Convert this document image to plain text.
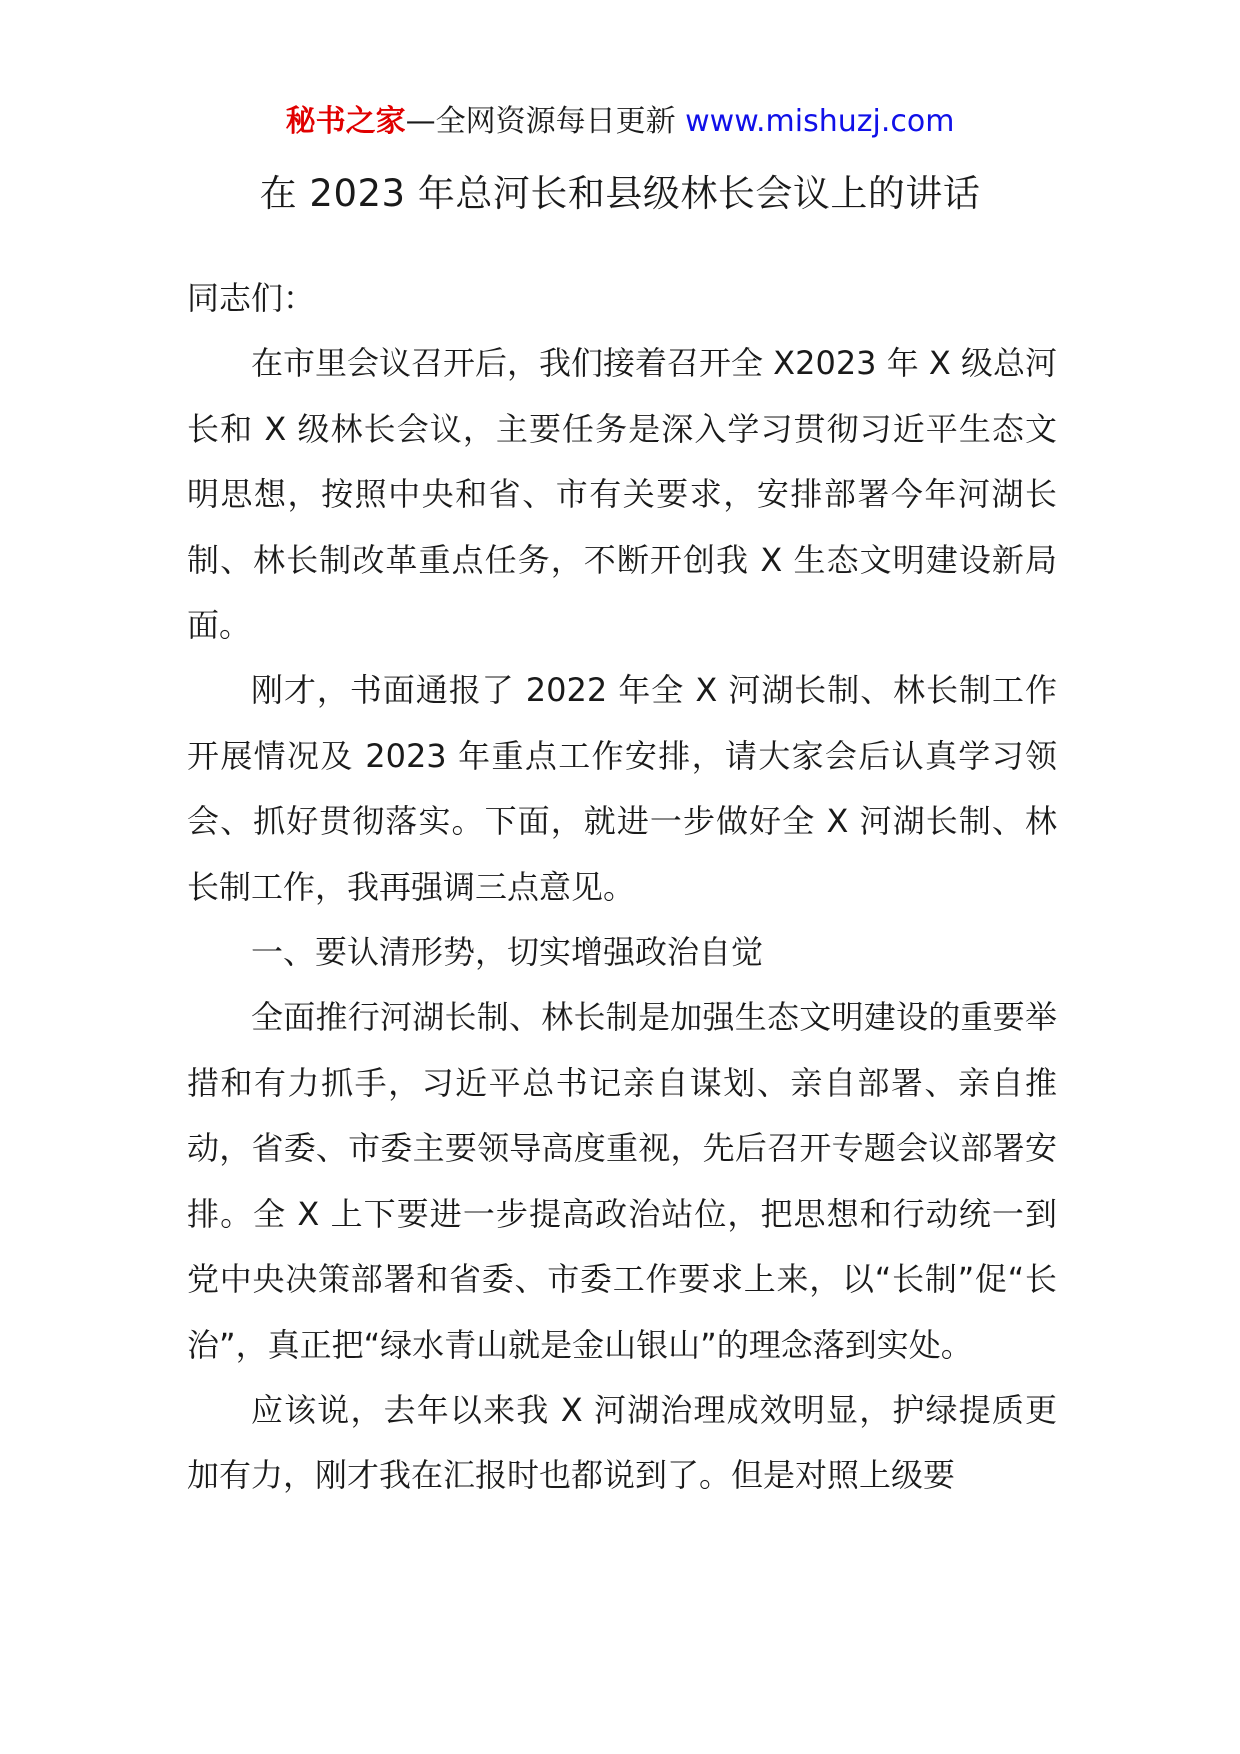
秘书之家—全网资源每日更新 www.mishuzj.com
在 2023 年总河长和县级林长会议上的讲话

同志们：

在市里会议召开后，我们接着召开全 X2023 年 X 级总河长和 X 级林长会议，主要任务是深入学习贯彻习近平生态文明思想，按照中央和省、市有关要求，安排部署今年河湖长制、林长制改革重点任务，不断开创我 X 生态文明建设新局面。

刚才，书面通报了 2022 年全 X 河湖长制、林长制工作开展情况及 2023 年重点工作安排，请大家会后认真学习领会、抓好贯彻落实。下面，就进一步做好全 X 河湖长制、林长制工作，我再强调三点意见。

一、要认清形势，切实增强政治自觉

全面推行河湖长制、林长制是加强生态文明建设的重要举措和有力抓手，习近平总书记亲自谋划、亲自部署、亲自推动，省委、市委主要领导高度重视，先后召开专题会议部署安排。全 X 上下要进一步提高政治站位，把思想和行动统一到党中央决策部署和省委、市委工作要求上来，以“长制”促“长治”，真正把“绿水青山就是金山银山”的理念落到实处。

应该说，去年以来我 X 河湖治理成效明显，护绿提质更加有力，刚才我在汇报时也都说到了。但是对照上级要
